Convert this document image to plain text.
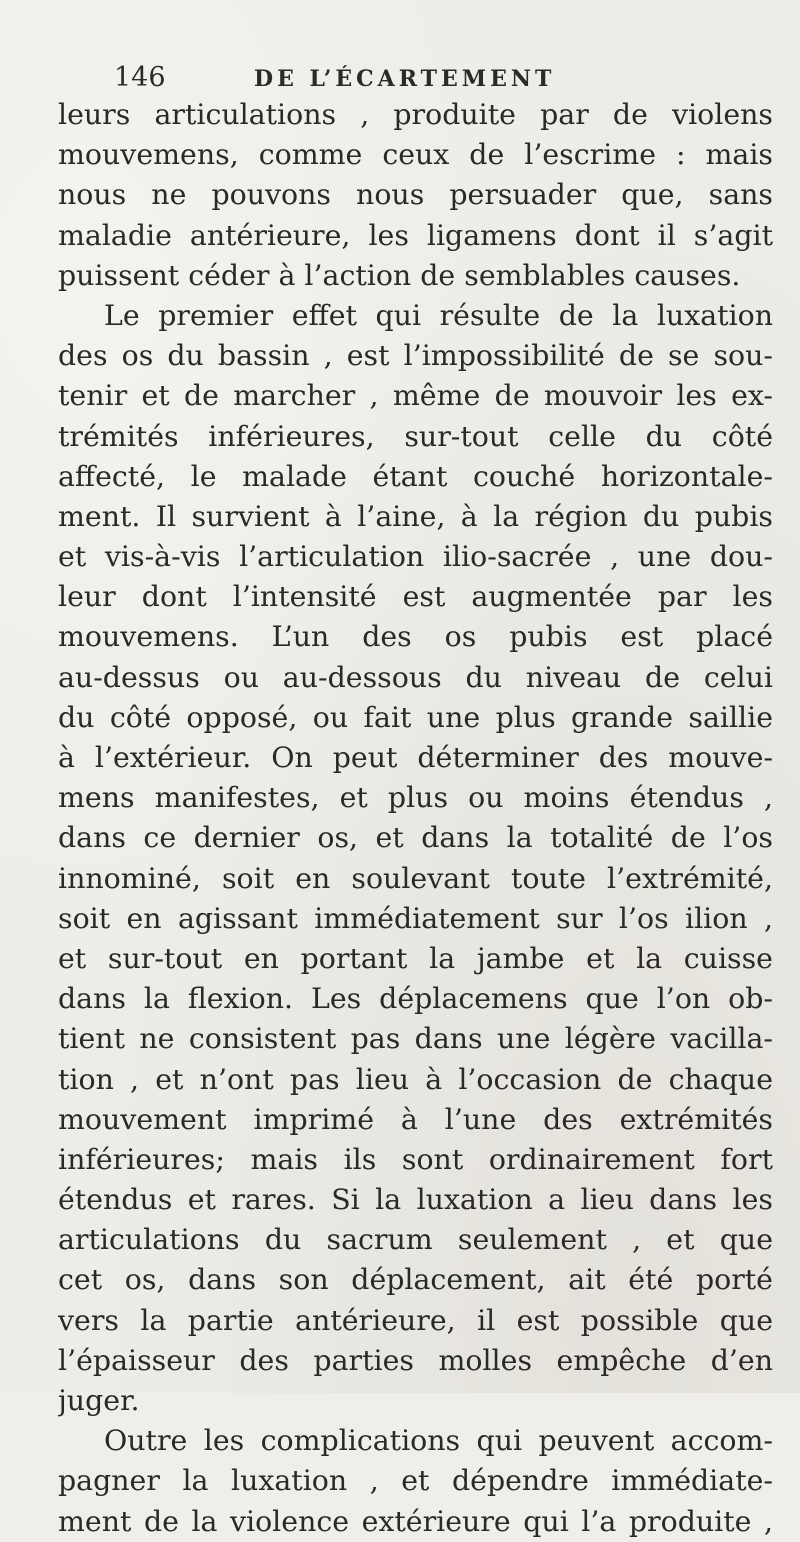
146	DE L’ÉCARTEMENT
leurs articulations , produite par de violens
mouvemens, comme ceux de l’escrime : mais
nous ne pouvons nous persuader que, sans
maladie antérieure, les ligamens dont il s’agit
puissent céder à l’action de semblables causes.
Le premier effet qui résulte de la luxation
des os du bassin , est l’impossibilité de se sou-
tenir et de marcher , même de mouvoir les ex-
trémités inférieures, sur-tout celle du côté
affecté, le malade étant couché horizontale-
ment. Il survient à l’aine, à la région du pubis
et vis-à-vis l’articulation ilio-sacrée , une dou-
leur dont l’intensité est augmentée par les
mouvemens. L’un des os pubis est placé
au-dessus ou au-dessous du niveau de celui
du côté opposé, ou fait une plus grande saillie
à l’extérieur. On peut déterminer des mouve-
mens manifestes, et plus ou moins étendus ,
dans ce dernier os, et dans la totalité de l’os
innominé, soit en soulevant toute l’extrémité,
soit en agissant immédiatement sur l’os ilion ,
et sur-tout en portant la jambe et la cuisse
dans la flexion. Les déplacemens que l’on ob-
tient ne consistent pas dans une légère vacilla-
tion , et n’ont pas lieu à l’occasion de chaque
mouvement imprimé à l’une des extrémités
inférieures; mais ils sont ordinairement fort
étendus et rares. Si la luxation a lieu dans les
articulations du sacrum seulement , et que
cet os, dans son déplacement, ait été porté
vers la partie antérieure, il est possible que
l’épaisseur des parties molles empêche d’en
juger.
Outre les complications qui peuvent accom-
pagner la luxation , et dépendre immédiate-
ment de la violence extérieure qui l’a produite ,
